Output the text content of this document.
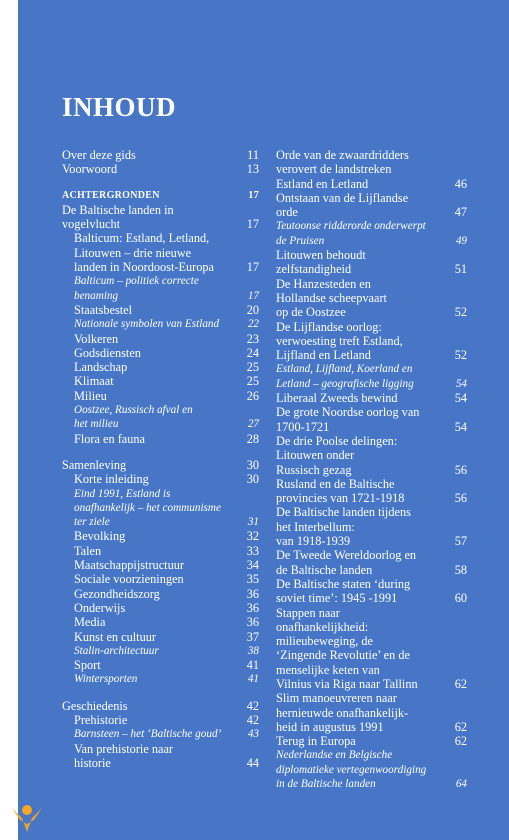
INHOUD
Over deze gids	11
Voorwoord	13
ACHTERGRONDEN	17
De Baltische landen in
vogelvlucht	17
Balticum: Estland, Letland,
Litouwen – drie nieuwe
landen in Noordoost-Europa	17
Balticum – politiek correcte
benaming	17
Staatsbestel	20
Nationale symbolen van Estland	22
Volkeren	23
Godsdiensten	24
Landschap	25
Klimaat	25
Milieu	26
Oostzee, Russisch afval en
het milieu	27
Flora en fauna	28
Samenleving	30
Korte inleiding	30
Eind 1991, Estland is
onafhankelijk – het communisme
ter ziele	31
Bevolking	32
Talen	33
Maatschappijstructuur	34
Sociale voorzieningen	35
Gezondheidszorg	36
Onderwijs	36
Media	36
Kunst en cultuur	37
Stalin-architectuur	38
Sport	41
Wintersporten	41
Geschiedenis	42
Prehistorie	42
Barnsteen – het ‘Baltische goud’	43
Van prehistorie naar
historie	44
Orde van de zwaardridders
verovert de landstreken
Estland en Letland	46
Ontstaan van de Lijflandse
orde	47
Teutoonse ridderorde onderwerpt
de Pruisen	49
Litouwen behoudt
zelfstandigheid	51
De Hanzesteden en
Hollandse scheepvaart
op de Oostzee	52
De Lijflandse oorlog:
verwoesting treft Estland,
Lijfland en Letland	52
Estland, Lijfland, Koerland en
Letland – geografische ligging	54
Liberaal Zweeds bewind	54
De grote Noordse oorlog van
1700-1721	54
De drie Poolse delingen:
Litouwen onder
Russisch gezag	56
Rusland en de Baltische
provincies van 1721-1918	56
De Baltische landen tijdens
het Interbellum:
van 1918-1939	57
De Tweede Wereldoorlog en
de Baltische landen	58
De Baltische staten ‘during
soviet time’: 1945 -1991	60
Stappen naar
onafhankelijkheid:
milieubeweging, de
‘Zingende Revolutie’ en de
menselijke keten van
Vilnius via Riga naar Tallinn	62
Slim manoeuvreren naar
hernieuwde onafhankelijk-
heid in augustus 1991	62
Terug in Europa	62
Nederlandse en Belgische
diplomatieke vertegenwoordiging
in de Baltische landen	64
